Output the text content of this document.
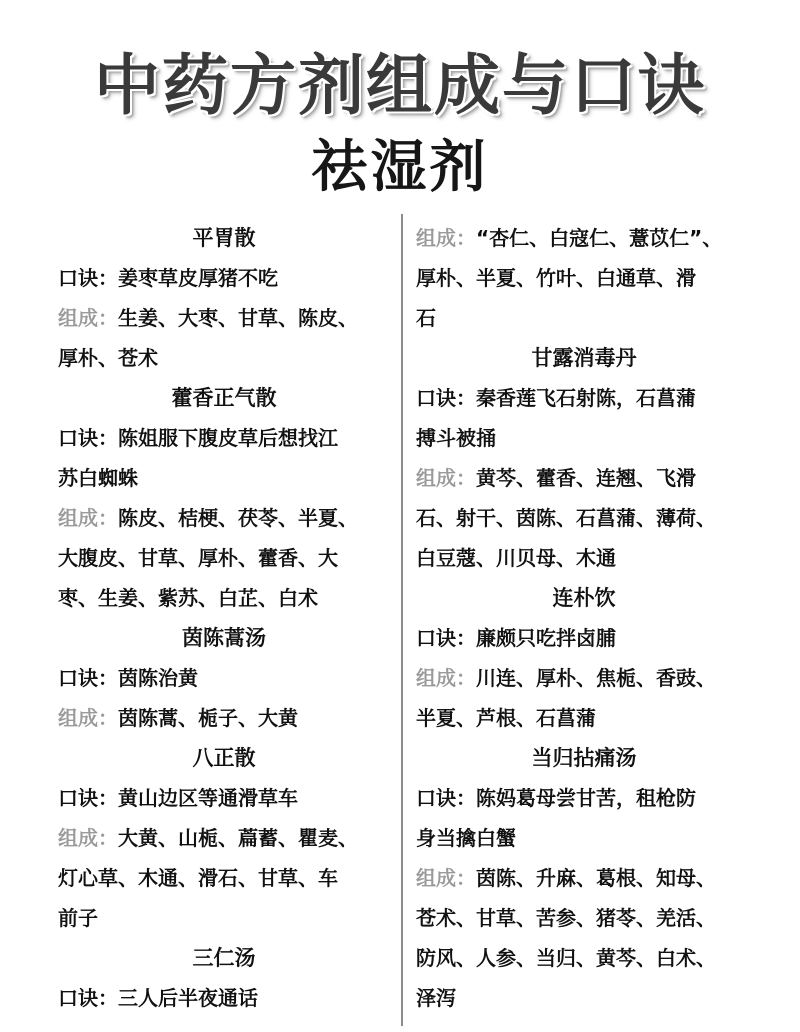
中药方剂组成与口诀
祛湿剂
平胃散
口诀：姜枣草皮厚猪不吃
组成：生姜、大枣、甘草、陈皮、
厚朴、苍术
藿香正气散
口诀：陈姐服下腹皮草后想找江
苏白蜘蛛
组成：陈皮、桔梗、茯苓、半夏、
大腹皮、甘草、厚朴、藿香、大
枣、生姜、紫苏、白芷、白术
茵陈蒿汤
口诀：茵陈治黄
组成：茵陈蒿、栀子、大黄
八正散
口诀：黄山边区等通滑草车
组成：大黄、山栀、萹蓄、瞿麦、
灯心草、木通、滑石、甘草、车
前子
三仁汤
口诀：三人后半夜通话
组成：“杏仁、白寇仁、薏苡仁”、
厚朴、半夏、竹叶、白通草、滑
石
甘露消毒丹
口诀：秦香莲飞石射陈，石菖蒲
搏斗被捅
组成：黄芩、藿香、连翘、飞滑
石、射干、茵陈、石菖蒲、薄荷、
白豆蔻、川贝母、木通
连朴饮
口诀：廉颇只吃拌卤脯
组成：川连、厚朴、焦栀、香豉、
半夏、芦根、石菖蒲
当归拈痛汤
口诀：陈妈葛母尝甘苦，租枪防
身当擒白蟹
组成：茵陈、升麻、葛根、知母、
苍术、甘草、苦参、猪苓、羌活、
防风、人参、当归、黄芩、白术、
泽泻
